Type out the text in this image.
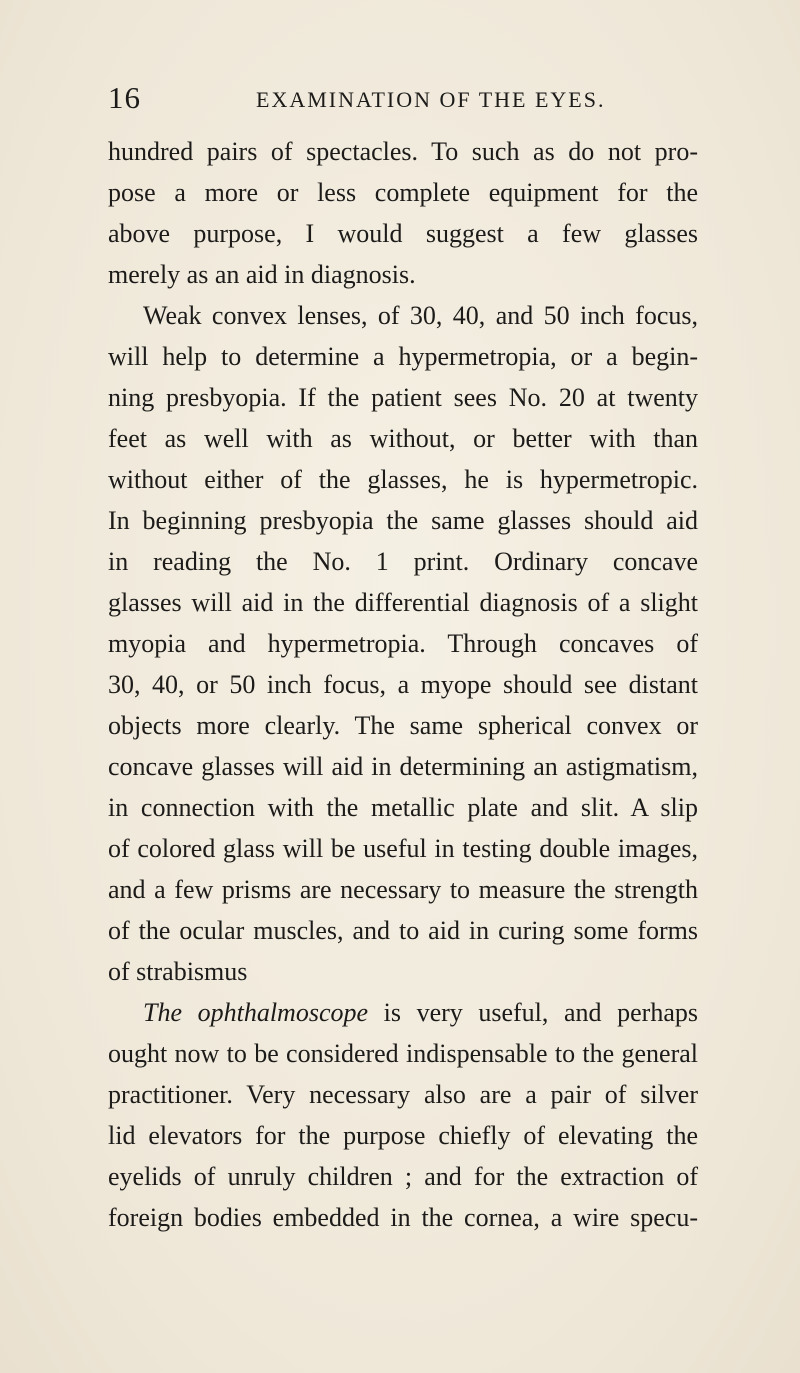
16	EXAMINATION OF THE EYES.
hundred pairs of spectacles. To such as do not pro-
pose a more or less complete equipment for the
above purpose, I would suggest a few glasses
merely as an aid in diagnosis.
Weak convex lenses, of 30, 40, and 50 inch focus,
will help to determine a hypermetropia, or a begin-
ning presbyopia. If the patient sees No. 20 at twenty
feet as well with as without, or better with than
without either of the glasses, he is hypermetropic.
In beginning presbyopia the same glasses should aid
in reading the No. 1 print. Ordinary concave
glasses will aid in the differential diagnosis of a slight
myopia and hypermetropia. Through concaves of
30, 40, or 50 inch focus, a myope should see distant
objects more clearly. The same spherical convex or
concave glasses will aid in determining an astigmatism,
in connection with the metallic plate and slit. A slip
of colored glass will be useful in testing double images,
and a few prisms are necessary to measure the strength
of the ocular muscles, and to aid in curing some forms
of strabismus
The ophthalmoscope is very useful, and perhaps
ought now to be considered indispensable to the general
practitioner. Very necessary also are a pair of silver
lid elevators for the purpose chiefly of elevating the
eyelids of unruly children ; and for the extraction of
foreign bodies embedded in the cornea, a wire specu-
